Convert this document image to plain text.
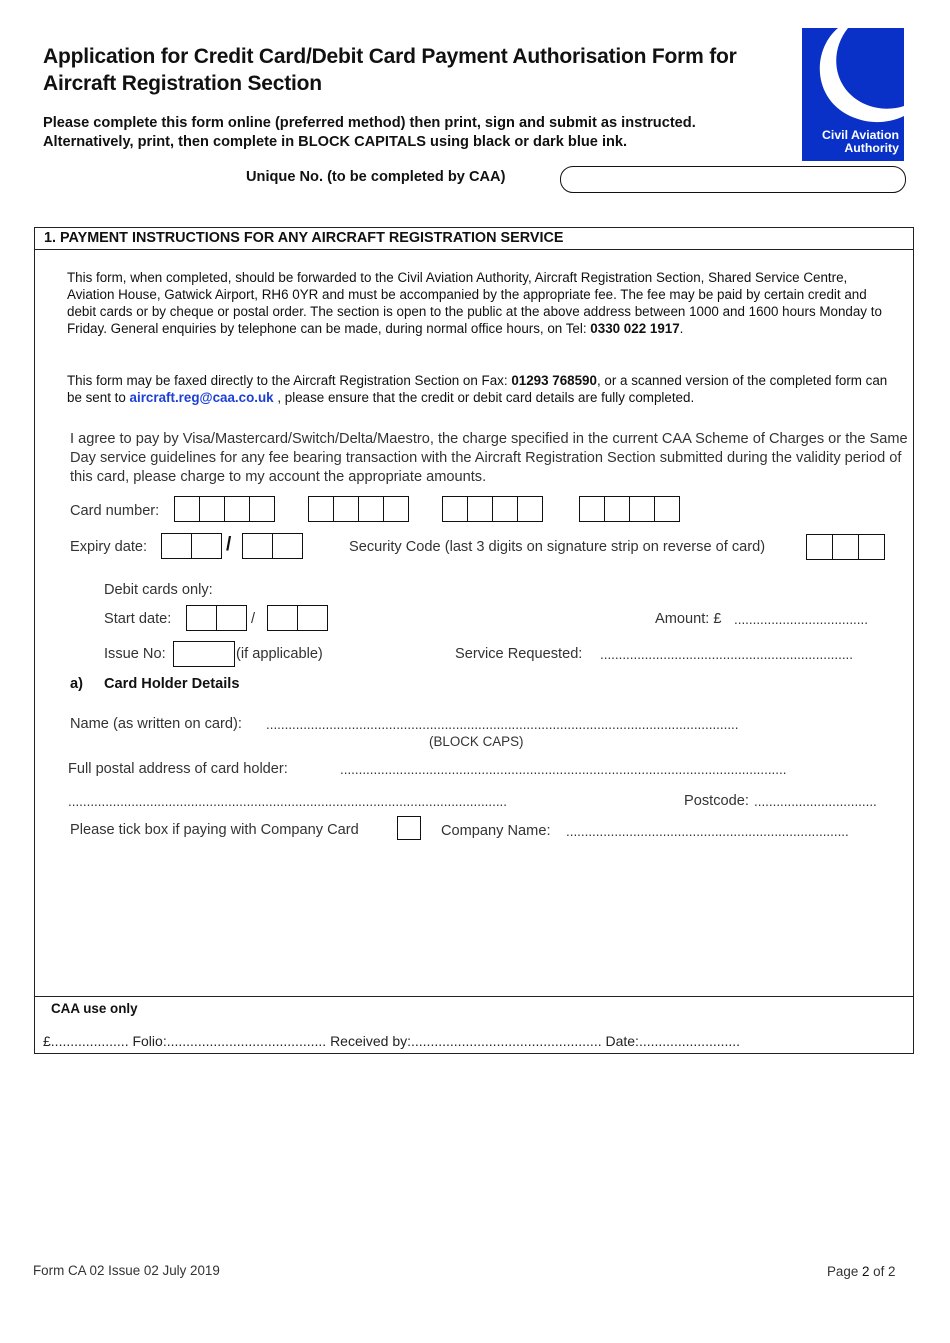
Application for Credit Card/Debit Card Payment Authorisation Form for Aircraft Registration Section
Please complete this form online (preferred method) then print, sign and submit as instructed.
Alternatively, print, then complete in BLOCK CAPITALS using black or dark blue ink.	Civil Aviation
Authority
Unique No. (to be completed by CAA)
1. PAYMENT INSTRUCTIONS FOR ANY AIRCRAFT REGISTRATION SERVICE
This form, when completed, should be forwarded to the Civil Aviation Authority, Aircraft Registration Section, Shared Service Centre, Aviation House, Gatwick Airport, RH6 0YR and must be accompanied by the appropriate fee. The fee may be paid by certain credit and debit cards or by cheque or postal order. The section is open to the public at the above address between 1000 and 1600 hours Monday to Friday. General enquiries by telephone can be made, during normal office hours, on Tel: 0330 022 1917.
This form may be faxed directly to the Aircraft Registration Section on Fax: 01293 768590, or a scanned version of the completed form can be sent to aircraft.reg@caa.co.uk , please ensure that the credit or debit card details are fully completed.
I agree to pay by Visa/Mastercard/Switch/Delta/Maestro, the charge specified in the current CAA Scheme of Charges or the Same Day service guidelines for any fee bearing transaction with the Aircraft Registration Section submitted during the validity period of this card, please charge to my account the appropriate amounts.
Card number:
Expiry date:	/	Security Code (last 3 digits on signature strip on reverse of card)
Debit cards only:
Start date:	/	Amount: £ ....................................
Issue No:	(if applicable)	Service Requested: ....................................................................
a) Card Holder Details
Name (as written on card): ...............................................................................................................................
(BLOCK CAPS)
Full postal address of card holder:	........................................................................................................................
......................................................................................................................	Postcode: .................................
Please tick box if paying with Company Card	Company Name: ............................................................................
CAA use only
£.................... Folio:......................................... Received by:................................................. Date:..........................
Form CA 02 Issue 02 July 2019	Page 2 of 2
